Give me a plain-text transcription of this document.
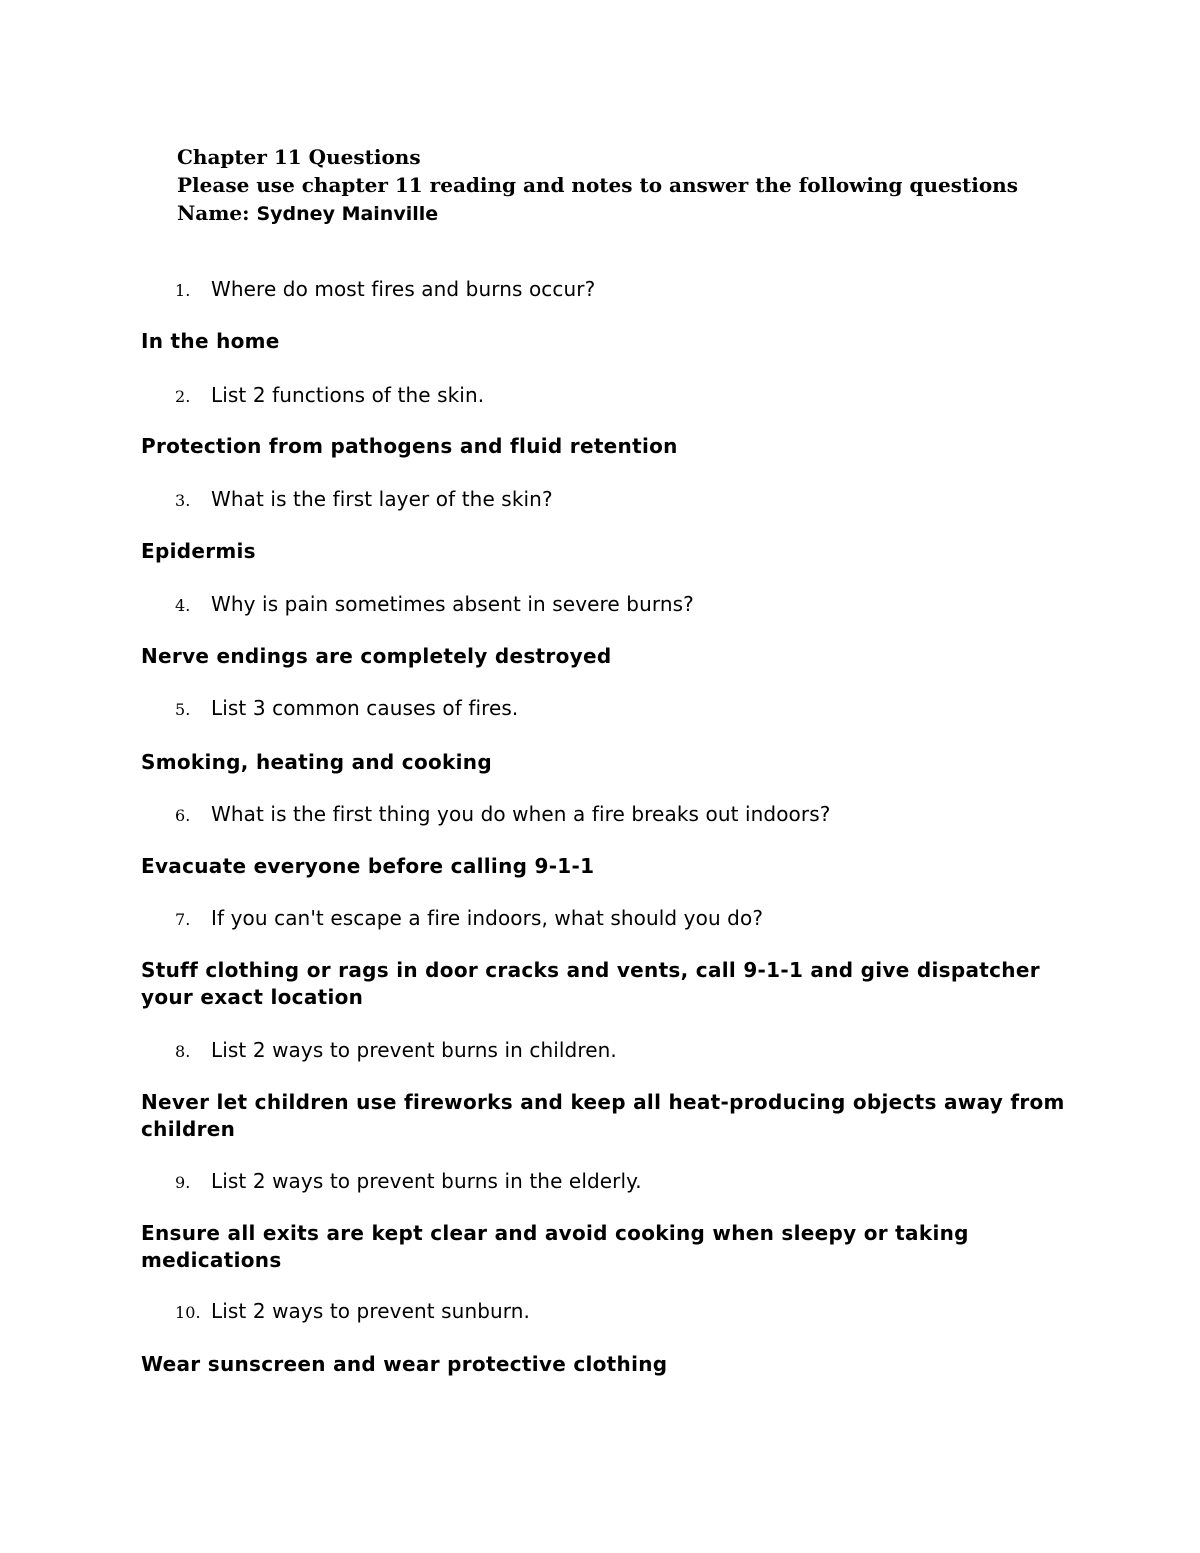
Chapter 11 Questions
Please use chapter 11 reading and notes to answer the following questions
Name: Sydney Mainville
1. Where do most fires and burns occur?
In the home
2. List 2 functions of the skin.
Protection from pathogens and fluid retention
3. What is the first layer of the skin?
Epidermis
4. Why is pain sometimes absent in severe burns?
Nerve endings are completely destroyed
5. List 3 common causes of fires.
Smoking, heating and cooking
6. What is the first thing you do when a fire breaks out indoors?
Evacuate everyone before calling 9-1-1
7. If you can't escape a fire indoors, what should you do?
Stuff clothing or rags in door cracks and vents, call 9-1-1 and give dispatcher your exact location
8. List 2 ways to prevent burns in children.
Never let children use fireworks and keep all heat-producing objects away from children
9. List 2 ways to prevent burns in the elderly.
Ensure all exits are kept clear and avoid cooking when sleepy or taking medications
10. List 2 ways to prevent sunburn.
Wear sunscreen and wear protective clothing
